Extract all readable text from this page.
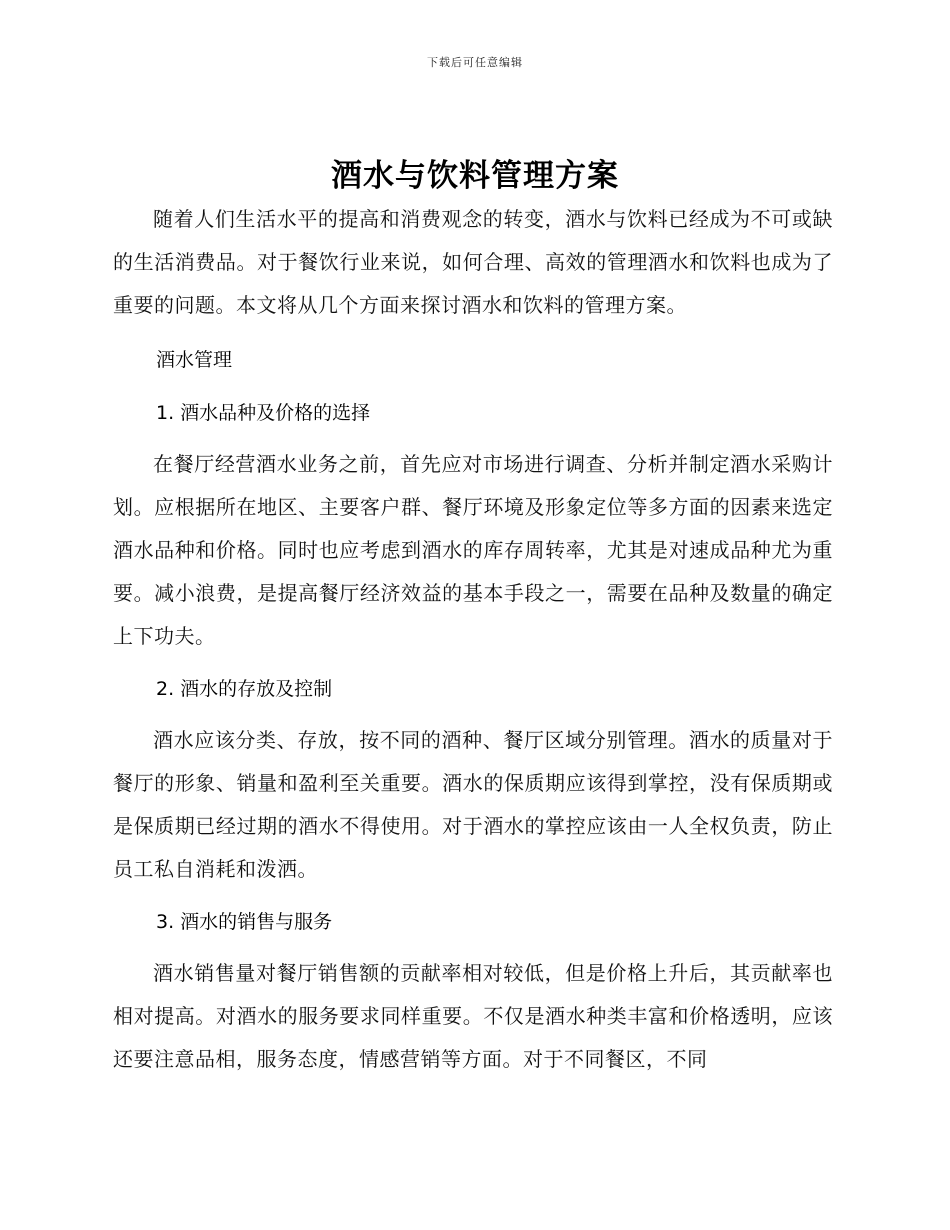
下载后可任意编辑
酒水与饮料管理方案

随着人们生活水平的提高和消费观念的转变，酒水与饮料已经成为不可或缺的生活消费品。对于餐饮行业来说，如何合理、高效的管理酒水和饮料也成为了重要的问题。本文将从几个方面来探讨酒水和饮料的管理方案。

酒水管理
1. 酒水品种及价格的选择

在餐厅经营酒水业务之前，首先应对市场进行调查、分析并制定酒水采购计划。应根据所在地区、主要客户群、餐厅环境及形象定位等多方面的因素来选定酒水品种和价格。同时也应考虑到酒水的库存周转率，尤其是对速成品种尤为重要。减小浪费，是提高餐厅经济效益的基本手段之一，需要在品种及数量的确定上下功夫。

2. 酒水的存放及控制

酒水应该分类、存放，按不同的酒种、餐厅区域分别管理。酒水的质量对于餐厅的形象、销量和盈利至关重要。酒水的保质期应该得到掌控，没有保质期或是保质期已经过期的酒水不得使用。对于酒水的掌控应该由一人全权负责，防止员工私自消耗和泼洒。

3. 酒水的销售与服务

酒水销售量对餐厅销售额的贡献率相对较低，但是价格上升后，其贡献率也相对提高。对酒水的服务要求同样重要。不仅是酒水种类丰富和价格透明，应该还要注意品相，服务态度，情感营销等方面。对于不同餐区，不同
